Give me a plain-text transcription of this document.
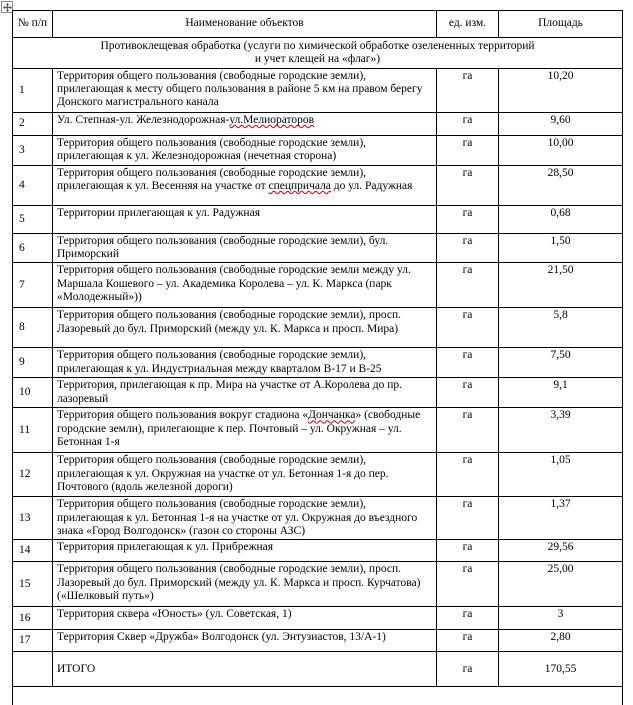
№ п/п	Наименование объектов	ед. изм.	Площадь

Противоклещевая обработка (услуги по химической обработке озелененных территорий
и учет клещей на «флаг»)			

1	Территория общего пользования (свободные городские земли), прилегающая к месту общего пользования в районе 5 км на правом берегу Донского магистрального канала	га	10,20
2	Ул. Степная-ул. Железнодорожная-ул.Мелиораторов	га	9,60
3	Территория общего пользования (свободные городские земли), прилегающая к ул. Железнодорожная (нечетная сторона)	га	10,00
4	Территория общего пользования (свободные городские земли), прилегающая к ул. Весенняя на участке от спецпричала до ул. Радужная	га	28,50
5	Территории прилегающая к ул. Радужная	га	0,68
6	Территория общего пользования (свободные городские земли), бул. Приморский	га	1,50
7	Территория общего пользования (свободные городские земли между ул. Маршала Кошевого – ул. Академика Королева – ул. К. Маркса (парк «Молодежный»))	га	21,50
8	Территория общего пользования (свободные городские земли), просп. Лазоревый до бул. Приморский (между ул. К. Маркса и просп. Мира)	га	5,8
9	Территория общего пользования (свободные городские земли), прилегающая к ул. Индустриальная между кварталом В-17 и В-25	га	7,50
10	Территория, прилегающая к пр. Мира на участке от А.Королева до пр. лазоревый	га	9,1
11	Территория общего пользования вокруг стадиона «Дончанка» (свободные городские земли), прилегающие к пер. Почтовый – ул. Окружная – ул. Бетонная 1-я	га	3,39
12	Территория общего пользования (свободные городские земли), прилегающая к ул. Окружная на участке от ул. Бетонная 1-я до пер. Почтового (вдоль железной дороги)	га	1,05
13	Территория общего пользования (свободные городские земли), прилегающая к ул. Бетонная 1-я на участке от ул. Окружная до въездного знака «Город Волгодонск» (газон со стороны АЗС)	га	1,37
14	Территория прилегающая к ул. Прибрежная	га	29,56
15	Территория общего пользования (свободные городские земли), просп. Лазоревый до бул. Приморский (между ул. К. Маркса и просп. Курчатова) («Шелковый путь»)	га	25,00
16	Территория сквера «Юность» (ул. Советская, 1)	га	3
17	Территория Сквер «Дружба» Волгодонск (ул. Энтузиастов, 13/А-1)	га	2,80
	ИТОГО	га	170,55
